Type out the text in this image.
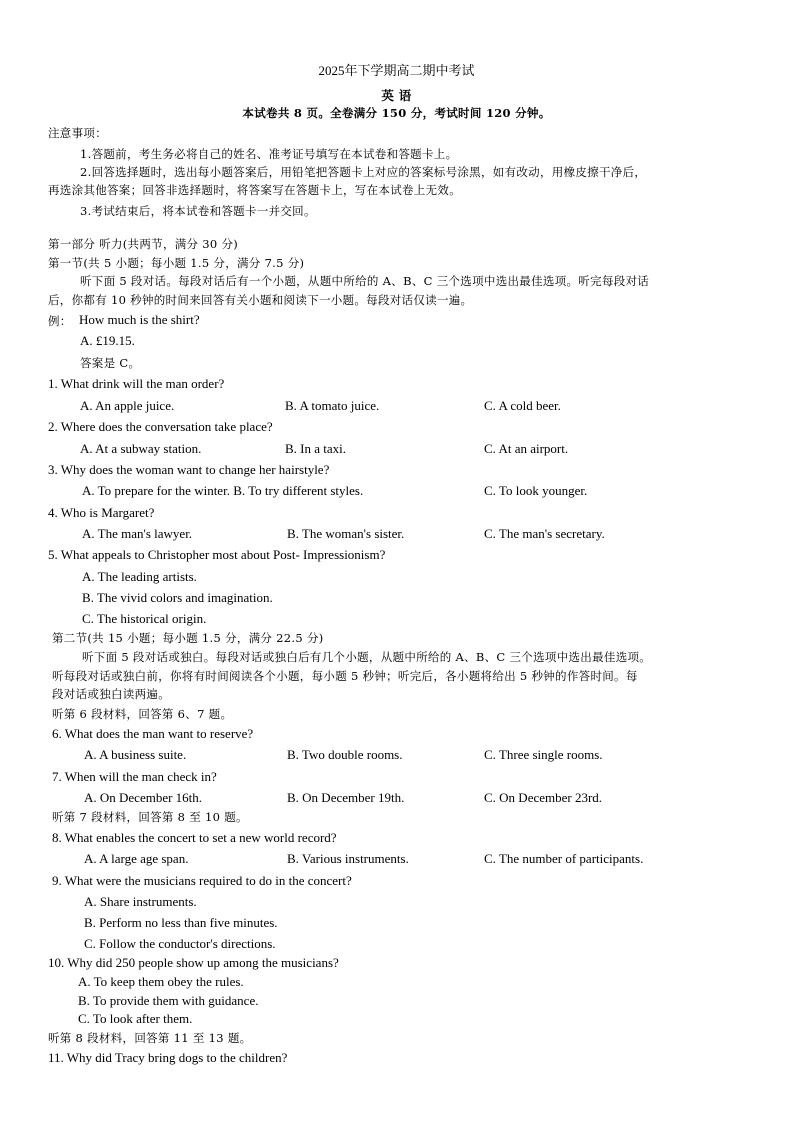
2025年下学期高二期中考试
英 语
本试卷共 8 页。全卷满分 150 分，考试时间 120 分钟。
注意事项：
1.答题前，考生务必将自己的姓名、准考证号填写在本试卷和答题卡上。
2.回答选择题时，选出每小题答案后，用铅笔把答题卡上对应的答案标号涂黑，如有改动，用橡皮擦干净后，
再选涂其他答案；回答非选择题时，将答案写在答题卡上，写在本试卷上无效。
3.考试结束后，将本试卷和答题卡一并交回。
第一部分 听力(共两节，满分 30 分)
第一节(共 5 小题；每小题 1.5 分，满分 7.5 分)
听下面 5 段对话。每段对话后有一个小题，从题中所给的 A、B、C 三个选项中选出最佳选项。听完每段对话
后，你都有 10 秒钟的时间来回答有关小题和阅读下一小题。每段对话仅读一遍。
例： How much is the shirt?
A. £19.15.
答案是 C。
1. What drink will the man order?
A. An apple juice.	B. A tomato juice.	C. A cold beer.
2. Where does the conversation take place?
A. At a subway station.	B. In a taxi.	C. At an airport.
3. Why does the woman want to change her hairstyle?
A. To prepare for the winter. B. To try different styles.	C. To look younger.
4. Who is Margaret?
A. The man's lawyer.	B. The woman's sister.	C. The man's secretary.
5. What appeals to Christopher most about Post- Impressionism?
A. The leading artists.
B. The vivid colors and imagination.
C. The historical origin.
第二节(共 15 小题；每小题 1.5 分，满分 22.5 分)
听下面 5 段对话或独白。每段对话或独白后有几个小题，从题中所给的 A、B、C 三个选项中选出最佳选项。
听每段对话或独白前，你将有时间阅读各个小题，每小题 5 秒钟；听完后，各小题将给出 5 秒钟的作答时间。每
段对话或独白读两遍。
听第 6 段材料，回答第 6、7 题。
6. What does the man want to reserve?
A. A business suite.	B. Two double rooms.	C. Three single rooms.
7. When will the man check in?
A. On December 16th.	B. On December 19th.	C. On December 23rd.
听第 7 段材料，回答第 8 至 10 题。
8. What enables the concert to set a new world record?
A. A large age span.	B. Various instruments.	C. The number of participants.
9. What were the musicians required to do in the concert?
A. Share instruments.
B. Perform no less than five minutes.
C. Follow the conductor's directions.
10. Why did 250 people show up among the musicians?
A. To keep them obey the rules.
B. To provide them with guidance.
C. To look after them.
听第 8 段材料，回答第 11 至 13 题。
11. Why did Tracy bring dogs to the children?
